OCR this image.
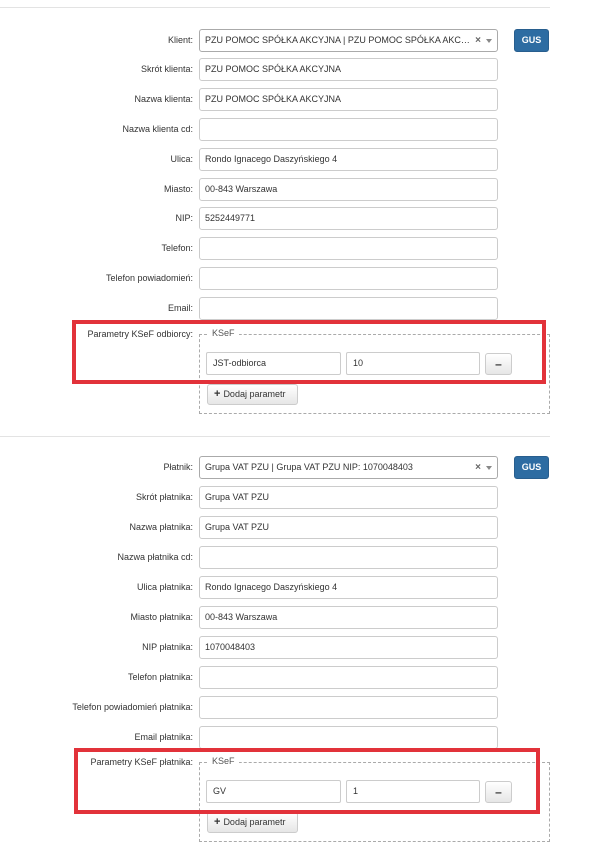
Klient:	PZU POMOC SPÓŁKA AKCYJNA | PZU POMOC SPÓŁKA AKCY... ×	GUS
Skrót klienta:	PZU POMOC SPÓŁKA AKCYJNA
Nazwa klienta:	PZU POMOC SPÓŁKA AKCYJNA
Nazwa klienta cd:
Ulica:	Rondo Ignacego Daszyńskiego 4
Miasto:	00-843 Warszawa
NIP:	5252449771
Telefon:
Telefon powiadomień:
Email:
Parametry KSeF odbiorcy:	KSeF
JST-odbiorca	10	–
+ Dodaj parametr
Płatnik:	Grupa VAT PZU | Grupa VAT PZU NIP: 1070048403	×	GUS
Skrót płatnika:	Grupa VAT PZU
Nazwa płatnika:	Grupa VAT PZU
Nazwa płatnika cd:
Ulica płatnika:	Rondo Ignacego Daszyńskiego 4
Miasto płatnika:	00-843 Warszawa
NIP płatnika:	1070048403
Telefon płatnika:
Telefon powiadomień płatnika:
Email płatnika:
Parametry KSeF płatnika:	KSeF
GV	1	–
+ Dodaj parametr
